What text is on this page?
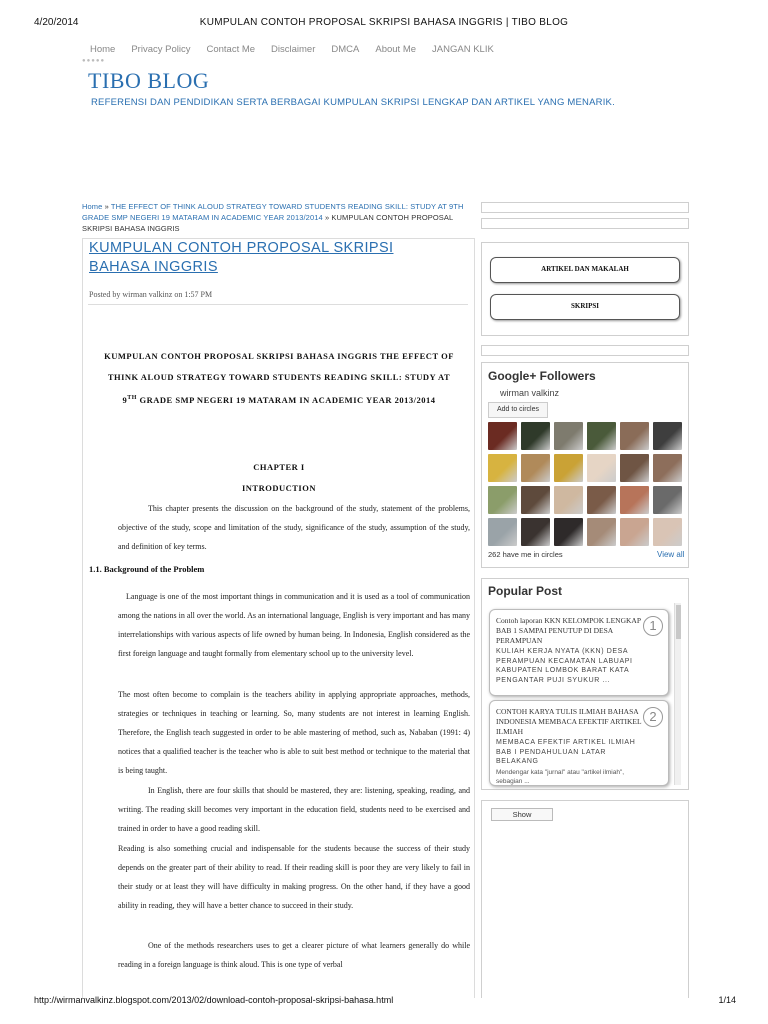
4/20/2014	KUMPULAN CONTOH PROPOSAL SKRIPSI BAHASA INGGRIS | TIBO BLOG
Home Privacy Policy Contact Me Disclaimer DMCA About Me JANGAN KLIK
●●●●●
TIBO BLOG
REFERENSI DAN PENDIDIKAN SERTA BERBAGAI KUMPULAN SKRIPSI LENGKAP DAN ARTIKEL YANG MENARIK.
Home » THE EFFECT OF THINK ALOUD STRATEGY TOWARD STUDENTS READING SKILL: STUDY AT 9TH GRADE SMP NEGERI 19 MATARAM IN ACADEMIC YEAR 2013/2014 » KUMPULAN CONTOH PROPOSAL SKRIPSI BAHASA INGGRIS
KUMPULAN CONTOH PROPOSAL SKRIPSI BAHASA INGGRIS
Posted by wirman valkinz on 1:57 PM
KUMPULAN CONTOH PROPOSAL SKRIPSI BAHASA INGGRIS THE EFFECT OF
THINK ALOUD STRATEGY TOWARD STUDENTS READING SKILL: STUDY AT
9TH GRADE SMP NEGERI 19 MATARAM IN ACADEMIC YEAR 2013/2014
CHAPTER I
INTRODUCTION
This chapter presents the discussion on the background of the study, statement of the problems, objective of the study, scope and limitation of the study, significance of the study, assumption of the study, and definition of key terms.
1.1. Background of the Problem
Language is one of the most important things in communication and it is used as a tool of communication among the nations in all over the world. As an international language, English is very important and has many interrelationships with various aspects of life owned by human being. In Indonesia, English considered as the first foreign language and taught formally from elementary school up to the university level.
The most often become to complain is the teachers ability in applying appropriate approaches, methods, strategies or techniques in teaching or learning. So, many students are not interest in learning English. Therefore, the English teach suggested in order to be able mastering of method, such as, Nababan (1991: 4) notices that a qualified teacher is the teacher who is able to suit best method or technique to the material that is being taught.
In English, there are four skills that should be mastered, they are: listening, speaking, reading, and writing. The reading skill becomes very important in the education field, students need to be exercised and trained in order to have a good reading skill.
Reading is also something crucial and indispensable for the students because the success of their study depends on the greater part of their ability to read. If their reading skill is poor they are very likely to fail in their study or at least they will have difficulty in making progress. On the other hand, if they have a good ability in reading, they will have a better chance to succeed in their study.
One of the methods researchers uses to get a clearer picture of what learners generally do while reading in a foreign language is think aloud. This is one type of verbal
ARTIKEL DAN MAKALAH
SKRIPSI
Google+ Followers
wirman valkinz
Add to circles
262 have me in circles	View all
Popular Post
1
Contoh laporan KKN KELOMPOK LENGKAP BAB 1 SAMPAI PENUTUP DI DESA PERAMPUAN
KULIAH KERJA NYATA (KKN) DESA PERAMPUAN KECAMATAN LABUAPI KABUPATEN LOMBOK BARAT KATA PENGANTAR PUJI SYUKUR ...
2
CONTOH KARYA TULIS ILMIAH BAHASA INDONESIA MEMBACA EFEKTIF ARTIKEL ILMIAH
MEMBACA EFEKTIF ARTIKEL ILMIAH BAB I PENDAHULUAN LATAR BELAKANG
Mendengar kata "jurnal" atau "artikel ilmiah", sebagian ...
Show
http://wirmanvalkinz.blogspot.com/2013/02/download-contoh-proposal-skripsi-bahasa.html	1/14
